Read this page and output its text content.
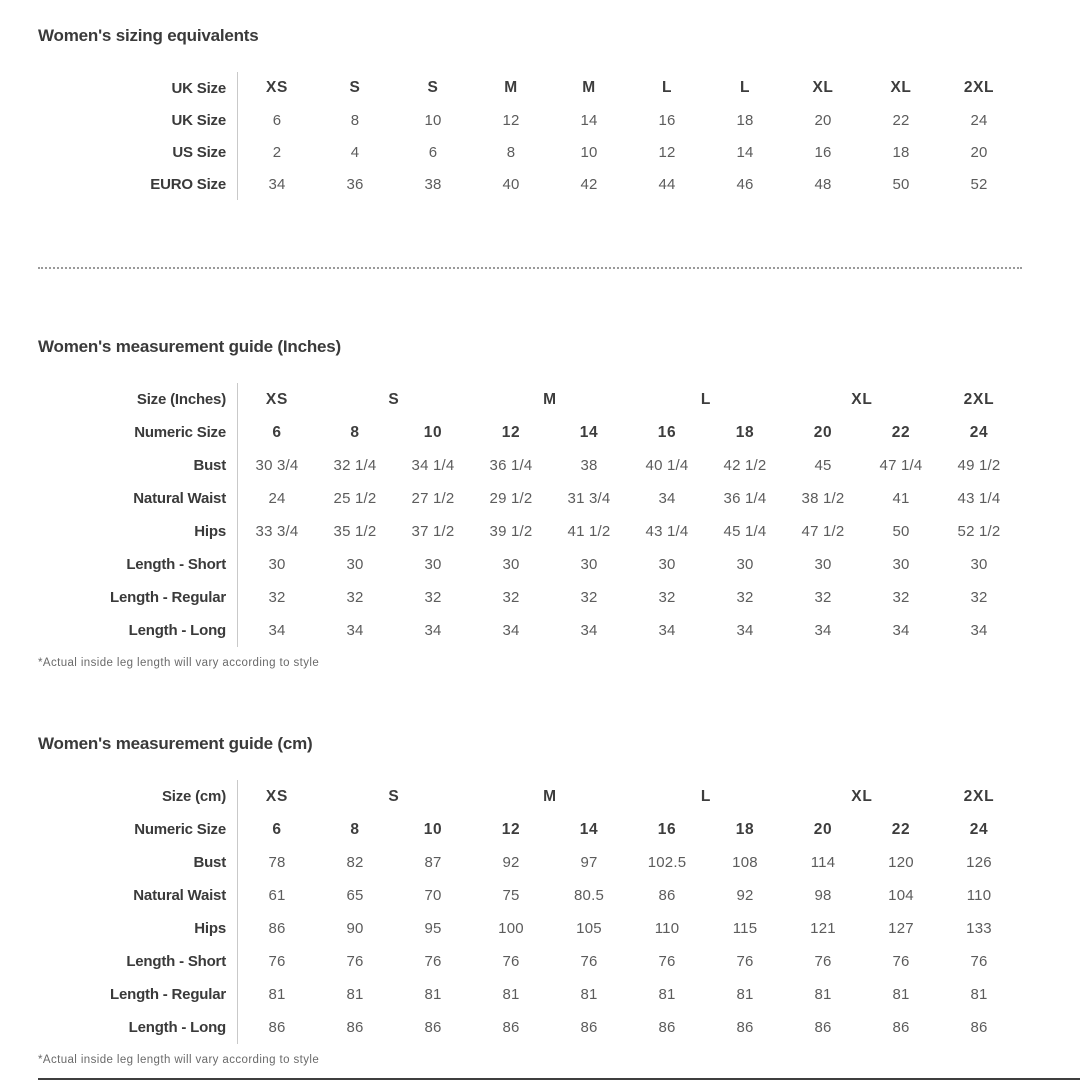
Women's sizing equivalents
UK Size	XS	S	S	M	M	L	L	XL	XL	2XL
UK Size	6	8	10	12	14	16	18	20	22	24
US Size	2	4	6	8	10	12	14	16	18	20
EURO Size	34	36	38	40	42	44	46	48	50	52
Women's measurement guide (Inches)
Size (Inches)	XS	S	M	L	XL	2XL
Numeric Size	6	8	10	12	14	16	18	20	22	24
Bust	30 3/4	32 1/4	34 1/4	36 1/4	38	40 1/4	42 1/2	45	47 1/4	49 1/2
Natural Waist	24	25 1/2	27 1/2	29 1/2	31 3/4	34	36 1/4	38 1/2	41	43 1/4
Hips	33 3/4	35 1/2	37 1/2	39 1/2	41 1/2	43 1/4	45 1/4	47 1/2	50	52 1/2
Length - Short	30	30	30	30	30	30	30	30	30	30
Length - Regular	32	32	32	32	32	32	32	32	32	32
Length - Long	34	34	34	34	34	34	34	34	34	34
*Actual inside leg length will vary according to style
Women's measurement guide (cm)
Size (cm)	XS	S	M	L	XL	2XL
Numeric Size	6	8	10	12	14	16	18	20	22	24
Bust	78	82	87	92	97	102.5	108	114	120	126
Natural Waist	61	65	70	75	80.5	86	92	98	104	110
Hips	86	90	95	100	105	110	115	121	127	133
Length - Short	76	76	76	76	76	76	76	76	76	76
Length - Regular	81	81	81	81	81	81	81	81	81	81
Length - Long	86	86	86	86	86	86	86	86	86	86
*Actual inside leg length will vary according to style
